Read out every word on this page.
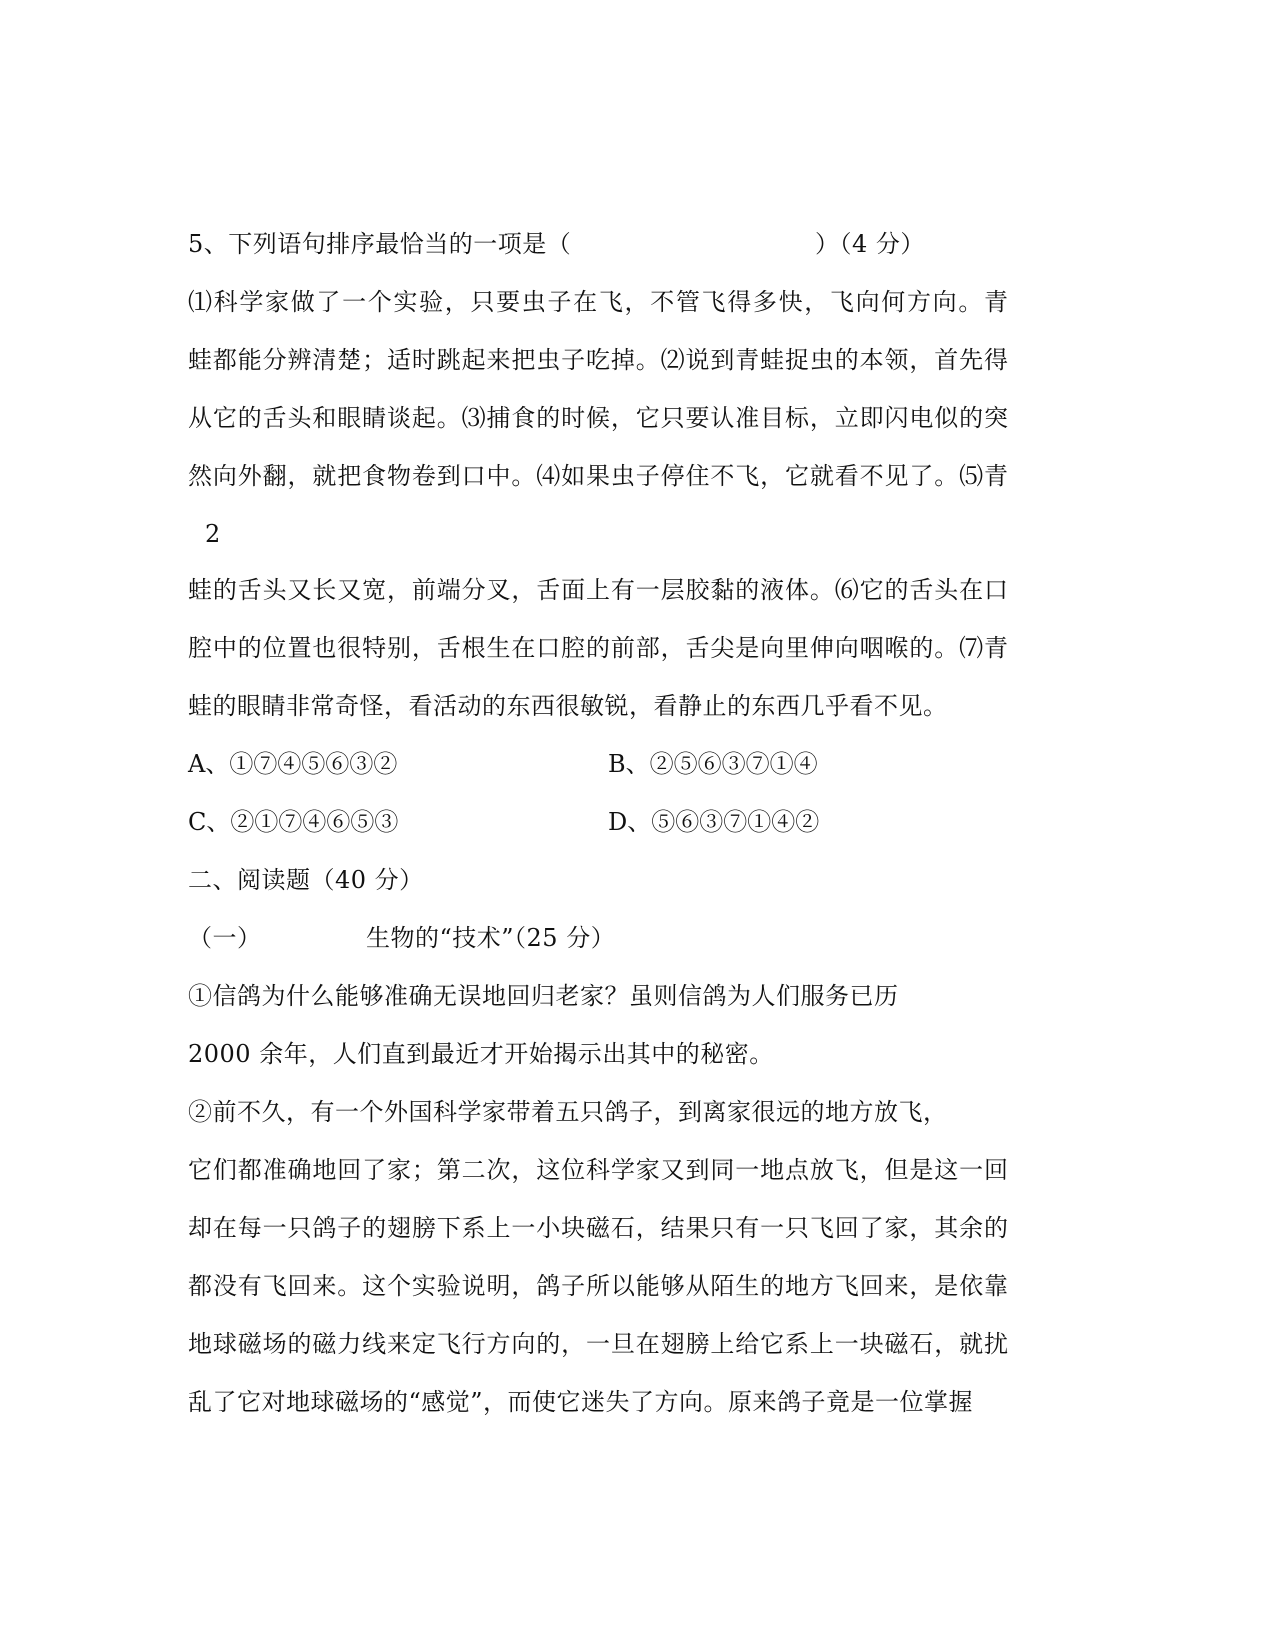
5、下列语句排序最恰当的一项是（	）（4 分）
⑴科学家做了一个实验，只要虫子在飞，不管飞得多快，飞向何方向。青
蛙都能分辨清楚；适时跳起来把虫子吃掉。⑵说到青蛙捉虫的本领，首先得
从它的舌头和眼睛谈起。⑶捕食的时候，它只要认准目标，立即闪电似的突
然向外翻，就把食物卷到口中。⑷如果虫子停住不飞，它就看不见了。⑸青
2
蛙的舌头又长又宽，前端分叉，舌面上有一层胶黏的液体。⑹它的舌头在口
腔中的位置也很特别，舌根生在口腔的前部，舌尖是向里伸向咽喉的。⑺青
蛙的眼睛非常奇怪，看活动的东西很敏锐，看静止的东西几乎看不见。
A、①⑦④⑤⑥③②	B、②⑤⑥③⑦①④
C、②①⑦④⑥⑤③	D、⑤⑥③⑦①④②
二、阅读题（40 分）
（一）	生物的“技术”（25 分）
①信鸽为什么能够准确无误地回归老家？虽则信鸽为人们服务已历
2000 余年，人们直到最近才开始揭示出其中的秘密。
②前不久，有一个外国科学家带着五只鸽子，到离家很远的地方放飞，
它们都准确地回了家；第二次，这位科学家又到同一地点放飞，但是这一回
却在每一只鸽子的翅膀下系上一小块磁石，结果只有一只飞回了家，其余的
都没有飞回来。这个实验说明，鸽子所以能够从陌生的地方飞回来，是依靠
地球磁场的磁力线来定飞行方向的，一旦在翅膀上给它系上一块磁石，就扰
乱了它对地球磁场的“感觉”，而使它迷失了方向。原来鸽子竟是一位掌握
